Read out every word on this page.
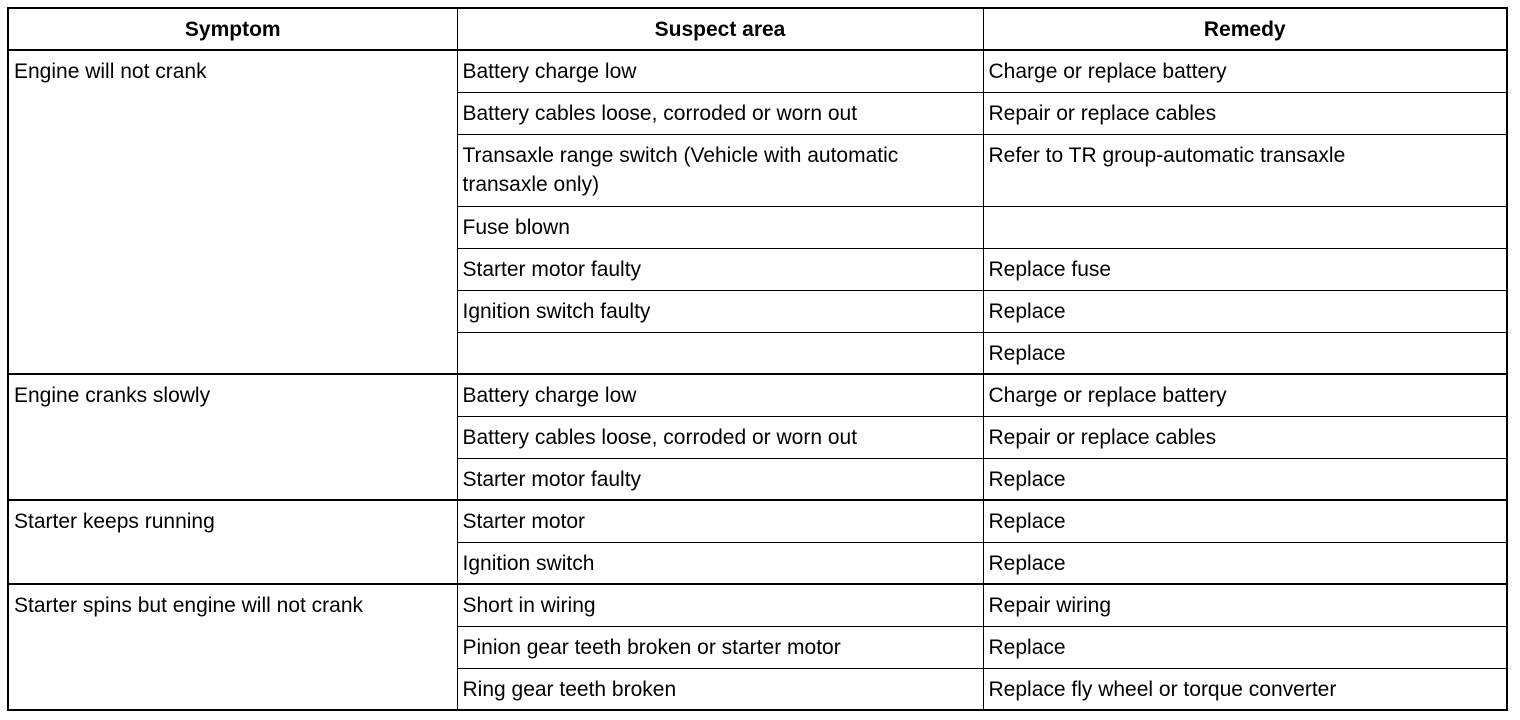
Symptom	Suspect area	Remedy
Engine will not crank	Battery charge low	Charge or replace battery
	Battery cables loose, corroded or worn out	Repair or replace cables
	Transaxle range switch (Vehicle with automatic transaxle only)	Refer to TR group-automatic transaxle
	Fuse blown	
	Starter motor faulty	Replace fuse
	Ignition switch faulty	Replace
		Replace
Engine cranks slowly	Battery charge low	Charge or replace battery
	Battery cables loose, corroded or worn out	Repair or replace cables
	Starter motor faulty	Replace
Starter keeps running	Starter motor	Replace
	Ignition switch	Replace
Starter spins but engine will not crank	Short in wiring	Repair wiring
	Pinion gear teeth broken or starter motor	Replace
	Ring gear teeth broken	Replace fly wheel or torque converter
